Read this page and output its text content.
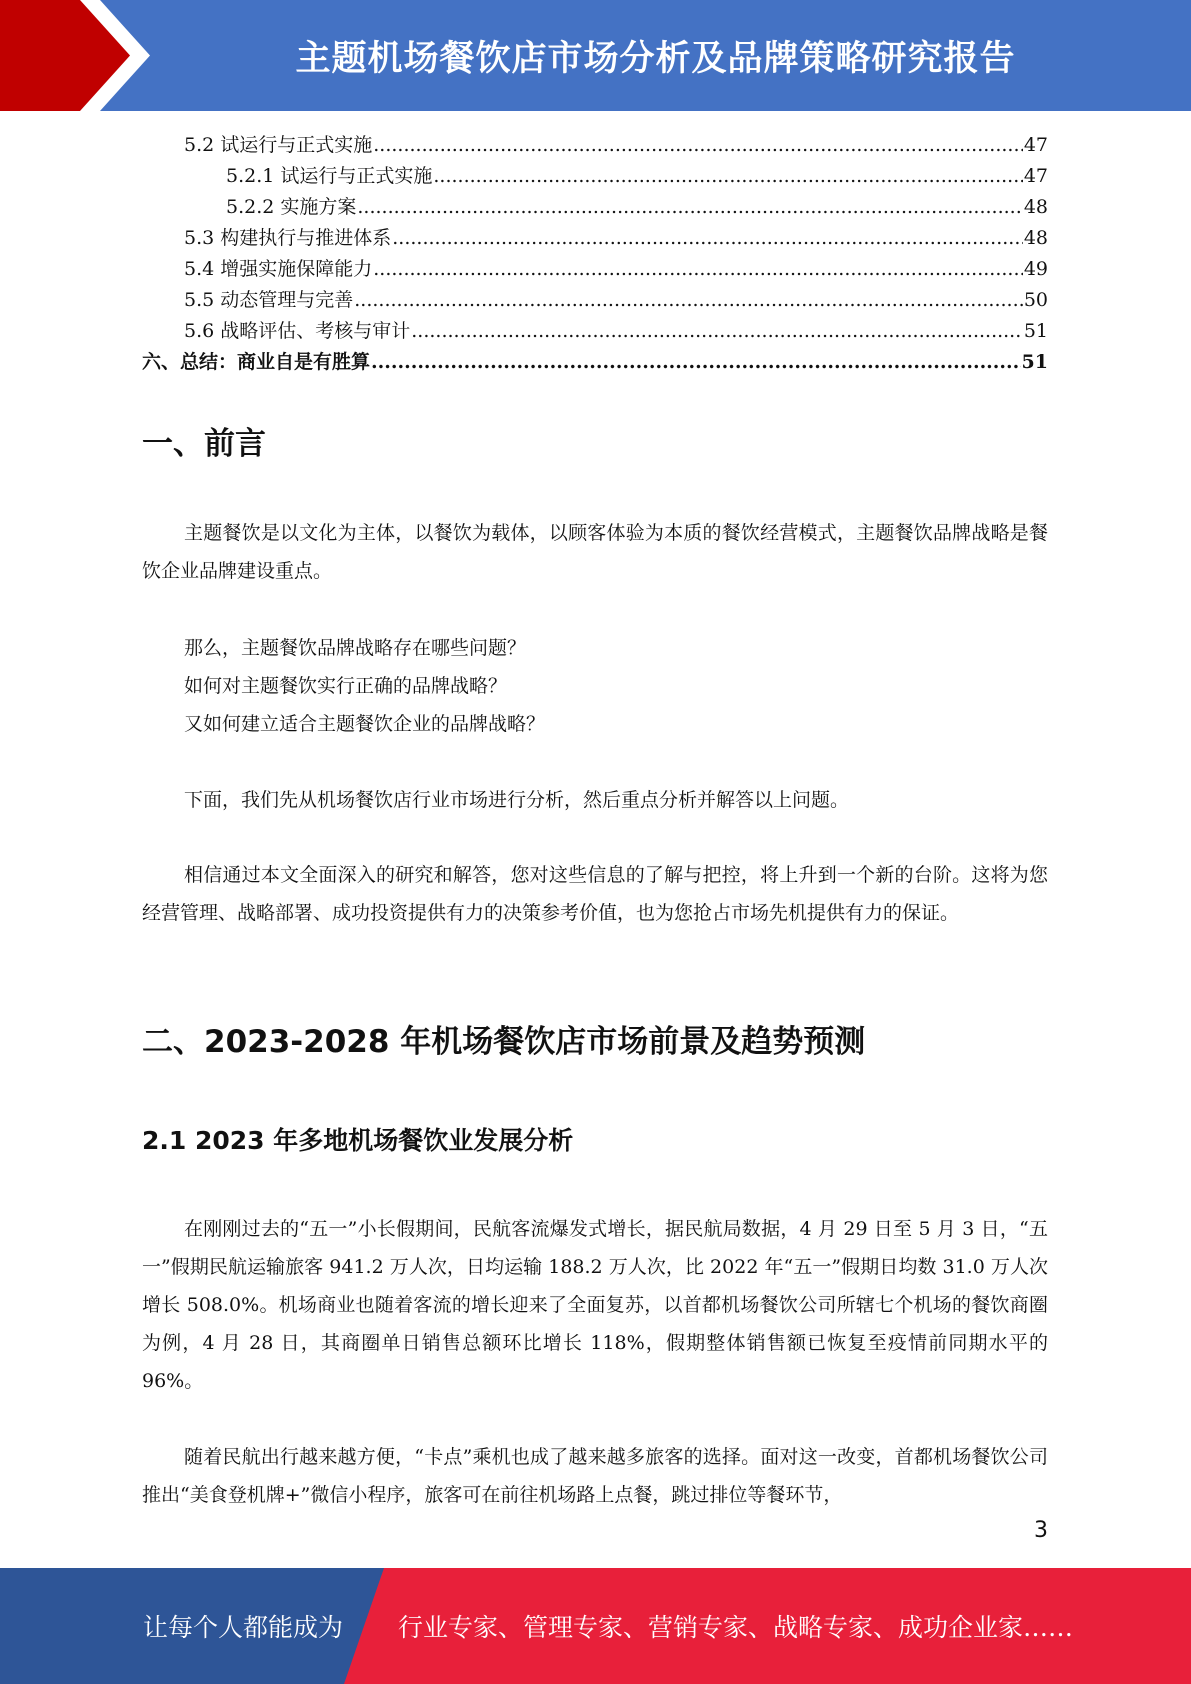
主题机场餐饮店市场分析及品牌策略研究报告
5.2 试运行与正式实施 .....	47
5.2.1 试运行与正式实施 .....	47
5.2.2 实施方案 .....	48
5.3 构建执行与推进体系 .....	48
5.4 增强实施保障能力 .....	49
5.5 动态管理与完善 .....	50
5.6 战略评估、考核与审计 .....	51
六、总结：商业自是有胜算 .....	51
一、前言
主题餐饮是以文化为主体，以餐饮为载体，以顾客体验为本质的餐饮经营模式，主题餐饮品牌战略是餐饮企业品牌建设重点。
那么，主题餐饮品牌战略存在哪些问题？
如何对主题餐饮实行正确的品牌战略？
又如何建立适合主题餐饮企业的品牌战略？
下面，我们先从机场餐饮店行业市场进行分析，然后重点分析并解答以上问题。
相信通过本文全面深入的研究和解答，您对这些信息的了解与把控，将上升到一个新的台阶。这将为您经营管理、战略部署、成功投资提供有力的决策参考价值，也为您抢占市场先机提供有力的保证。
二、2023-2028 年机场餐饮店市场前景及趋势预测
2.1 2023 年多地机场餐饮业发展分析
在刚刚过去的“五一”小长假期间，民航客流爆发式增长，据民航局数据，4 月 29 日至 5 月 3 日，“五一”假期民航运输旅客 941.2 万人次，日均运输 188.2 万人次，比 2022 年“五一”假期日均数 31.0 万人次增长 508.0%。机场商业也随着客流的增长迎来了全面复苏，以首都机场餐饮公司所辖七个机场的餐饮商圈为例，4 月 28 日，其商圈单日销售总额环比增长 118%，假期整体销售额已恢复至疫情前同期水平的 96%。
随着民航出行越来越方便，“卡点”乘机也成了越来越多旅客的选择。面对这一改变，首都机场餐饮公司推出“美食登机牌+”微信小程序，旅客可在前往机场路上点餐，跳过排位等餐环节，
3
让每个人都能成为 行业专家、管理专家、营销专家、战略专家、成功企业家……
